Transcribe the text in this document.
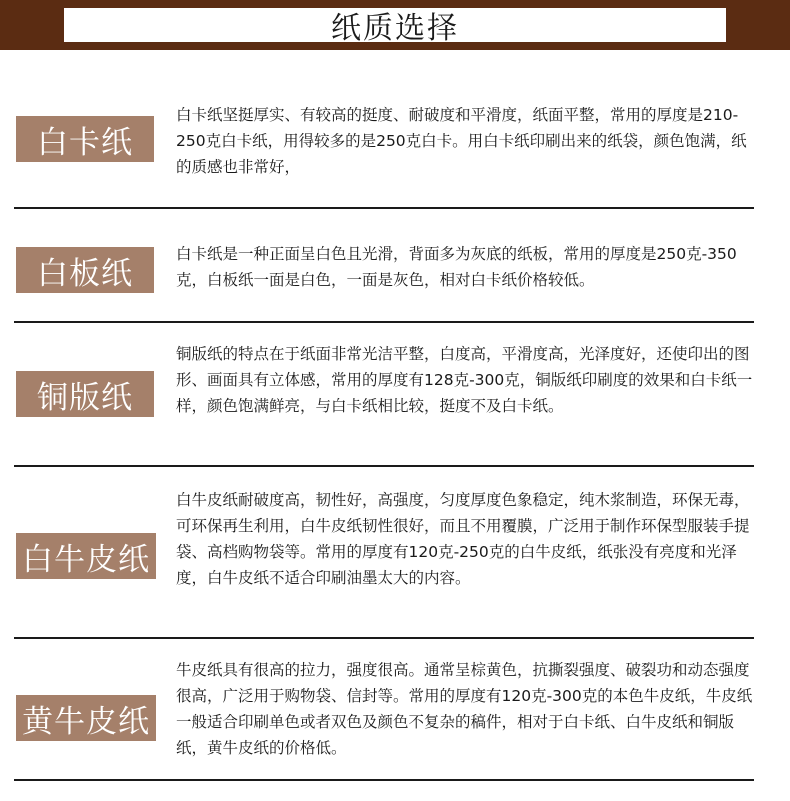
纸质选择
白卡纸
白卡纸坚挺厚实、有较高的挺度、耐破度和平滑度，纸面平整，常用的厚度是210-250克白卡纸，用得较多的是250克白卡。用白卡纸印刷出来的纸袋，颜色饱满，纸的质感也非常好，
白板纸
白卡纸是一种正面呈白色且光滑，背面多为灰底的纸板，常用的厚度是250克-350克，白板纸一面是白色，一面是灰色，相对白卡纸价格较低。
铜版纸
铜版纸的特点在于纸面非常光洁平整，白度高，平滑度高，光泽度好，还使印出的图形、画面具有立体感，常用的厚度有128克-300克，铜版纸印刷度的效果和白卡纸一样，颜色饱满鲜亮，与白卡纸相比较，挺度不及白卡纸。
白牛皮纸
白牛皮纸耐破度高，韧性好，高强度，匀度厚度色象稳定，纯木浆制造，环保无毒，可环保再生利用，白牛皮纸韧性很好，而且不用覆膜，广泛用于制作环保型服装手提袋、高档购物袋等。常用的厚度有120克-250克的白牛皮纸，纸张没有亮度和光泽度，白牛皮纸不适合印刷油墨太大的内容。
黄牛皮纸
牛皮纸具有很高的拉力，强度很高。通常呈棕黄色，抗撕裂强度、破裂功和动态强度很高，广泛用于购物袋、信封等。常用的厚度有120克-300克的本色牛皮纸，牛皮纸一般适合印刷单色或者双色及颜色不复杂的稿件，相对于白卡纸、白牛皮纸和铜版纸，黄牛皮纸的价格低。
